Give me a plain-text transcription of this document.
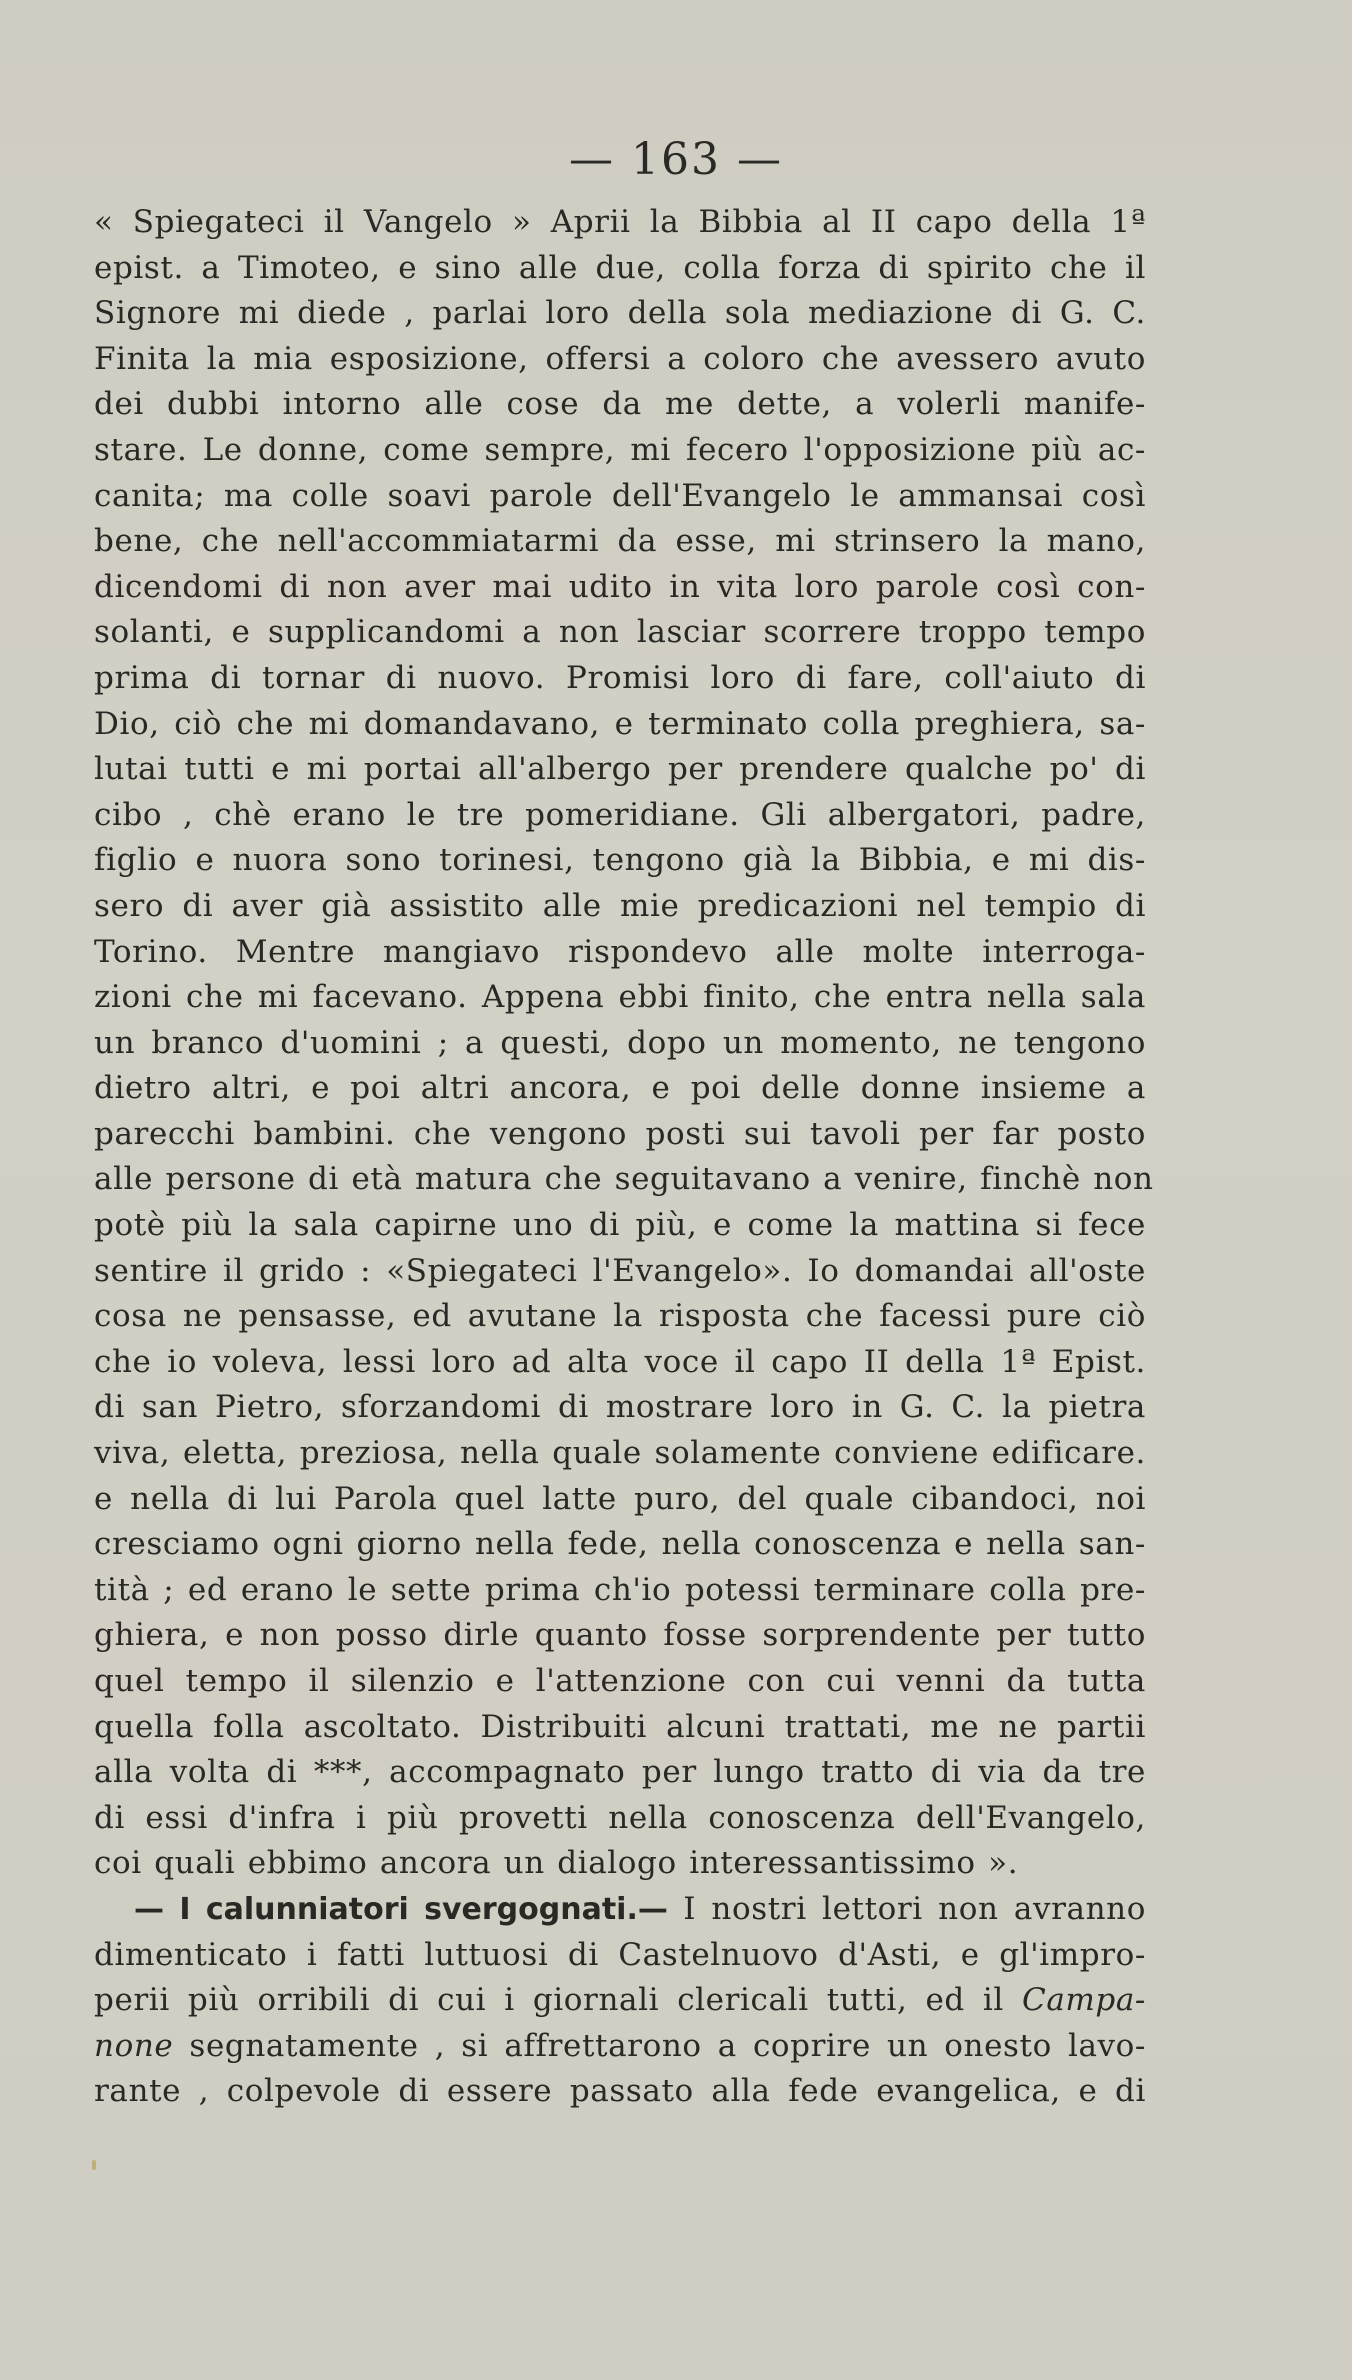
— 163 —
« Spiegateci il Vangelo » Aprii la Bibbia al II capo della 1ª
epist. a Timoteo, e sino alle due, colla forza di spirito che il
Signore mi diede , parlai loro della sola mediazione di G. C.
Finita la mia esposizione, offersi a coloro che avessero avuto
dei dubbi intorno alle cose da me dette, a volerli manife-
stare. Le donne, come sempre, mi fecero l'opposizione più ac-
canita; ma colle soavi parole dell'Evangelo le ammansai così
bene, che nell'accommiatarmi da esse, mi strinsero la mano,
dicendomi di non aver mai udito in vita loro parole così con-
solanti, e supplicandomi a non lasciar scorrere troppo tempo
prima di tornar di nuovo. Promisi loro di fare, coll'aiuto di
Dio, ciò che mi domandavano, e terminato colla preghiera, sa-
lutai tutti e mi portai all'albergo per prendere qualche po' di
cibo , chè erano le tre pomeridiane. Gli albergatori, padre,
figlio e nuora sono torinesi, tengono già la Bibbia, e mi dis-
sero di aver già assistito alle mie predicazioni nel tempio di
Torino. Mentre mangiavo rispondevo alle molte interroga-
zioni che mi facevano. Appena ebbi finito, che entra nella sala
un branco d'uomini ; a questi, dopo un momento, ne tengono
dietro altri, e poi altri ancora, e poi delle donne insieme a
parecchi bambini. che vengono posti sui tavoli per far posto
alle persone di età matura che seguitavano a venire, finchè non
potè più la sala capirne uno di più, e come la mattina si fece
sentire il grido : «Spiegateci l'Evangelo». Io domandai all'oste
cosa ne pensasse, ed avutane la risposta che facessi pure ciò
che io voleva, lessi loro ad alta voce il capo II della 1ª Epist.
di san Pietro, sforzandomi di mostrare loro in G. C. la pietra
viva, eletta, preziosa, nella quale solamente conviene edificare.
e nella di lui Parola quel latte puro, del quale cibandoci, noi
cresciamo ogni giorno nella fede, nella conoscenza e nella san-
tità ; ed erano le sette prima ch'io potessi terminare colla pre-
ghiera, e non posso dirle quanto fosse sorprendente per tutto
quel tempo il silenzio e l'attenzione con cui venni da tutta
quella folla ascoltato. Distribuiti alcuni trattati, me ne partii
alla volta di ***, accompagnato per lungo tratto di via da tre
di essi d'infra i più provetti nella conoscenza dell'Evangelo,
coi quali ebbimo ancora un dialogo interessantissimo ».
— I calunniatori svergognati.— I nostri lettori non avranno
dimenticato i fatti luttuosi di Castelnuovo d'Asti, e gl'impro-
perii più orribili di cui i giornali clericali tutti, ed il Campa-
none segnatamente , si affrettarono a coprire un onesto lavo-
rante , colpevole di essere passato alla fede evangelica, e di
